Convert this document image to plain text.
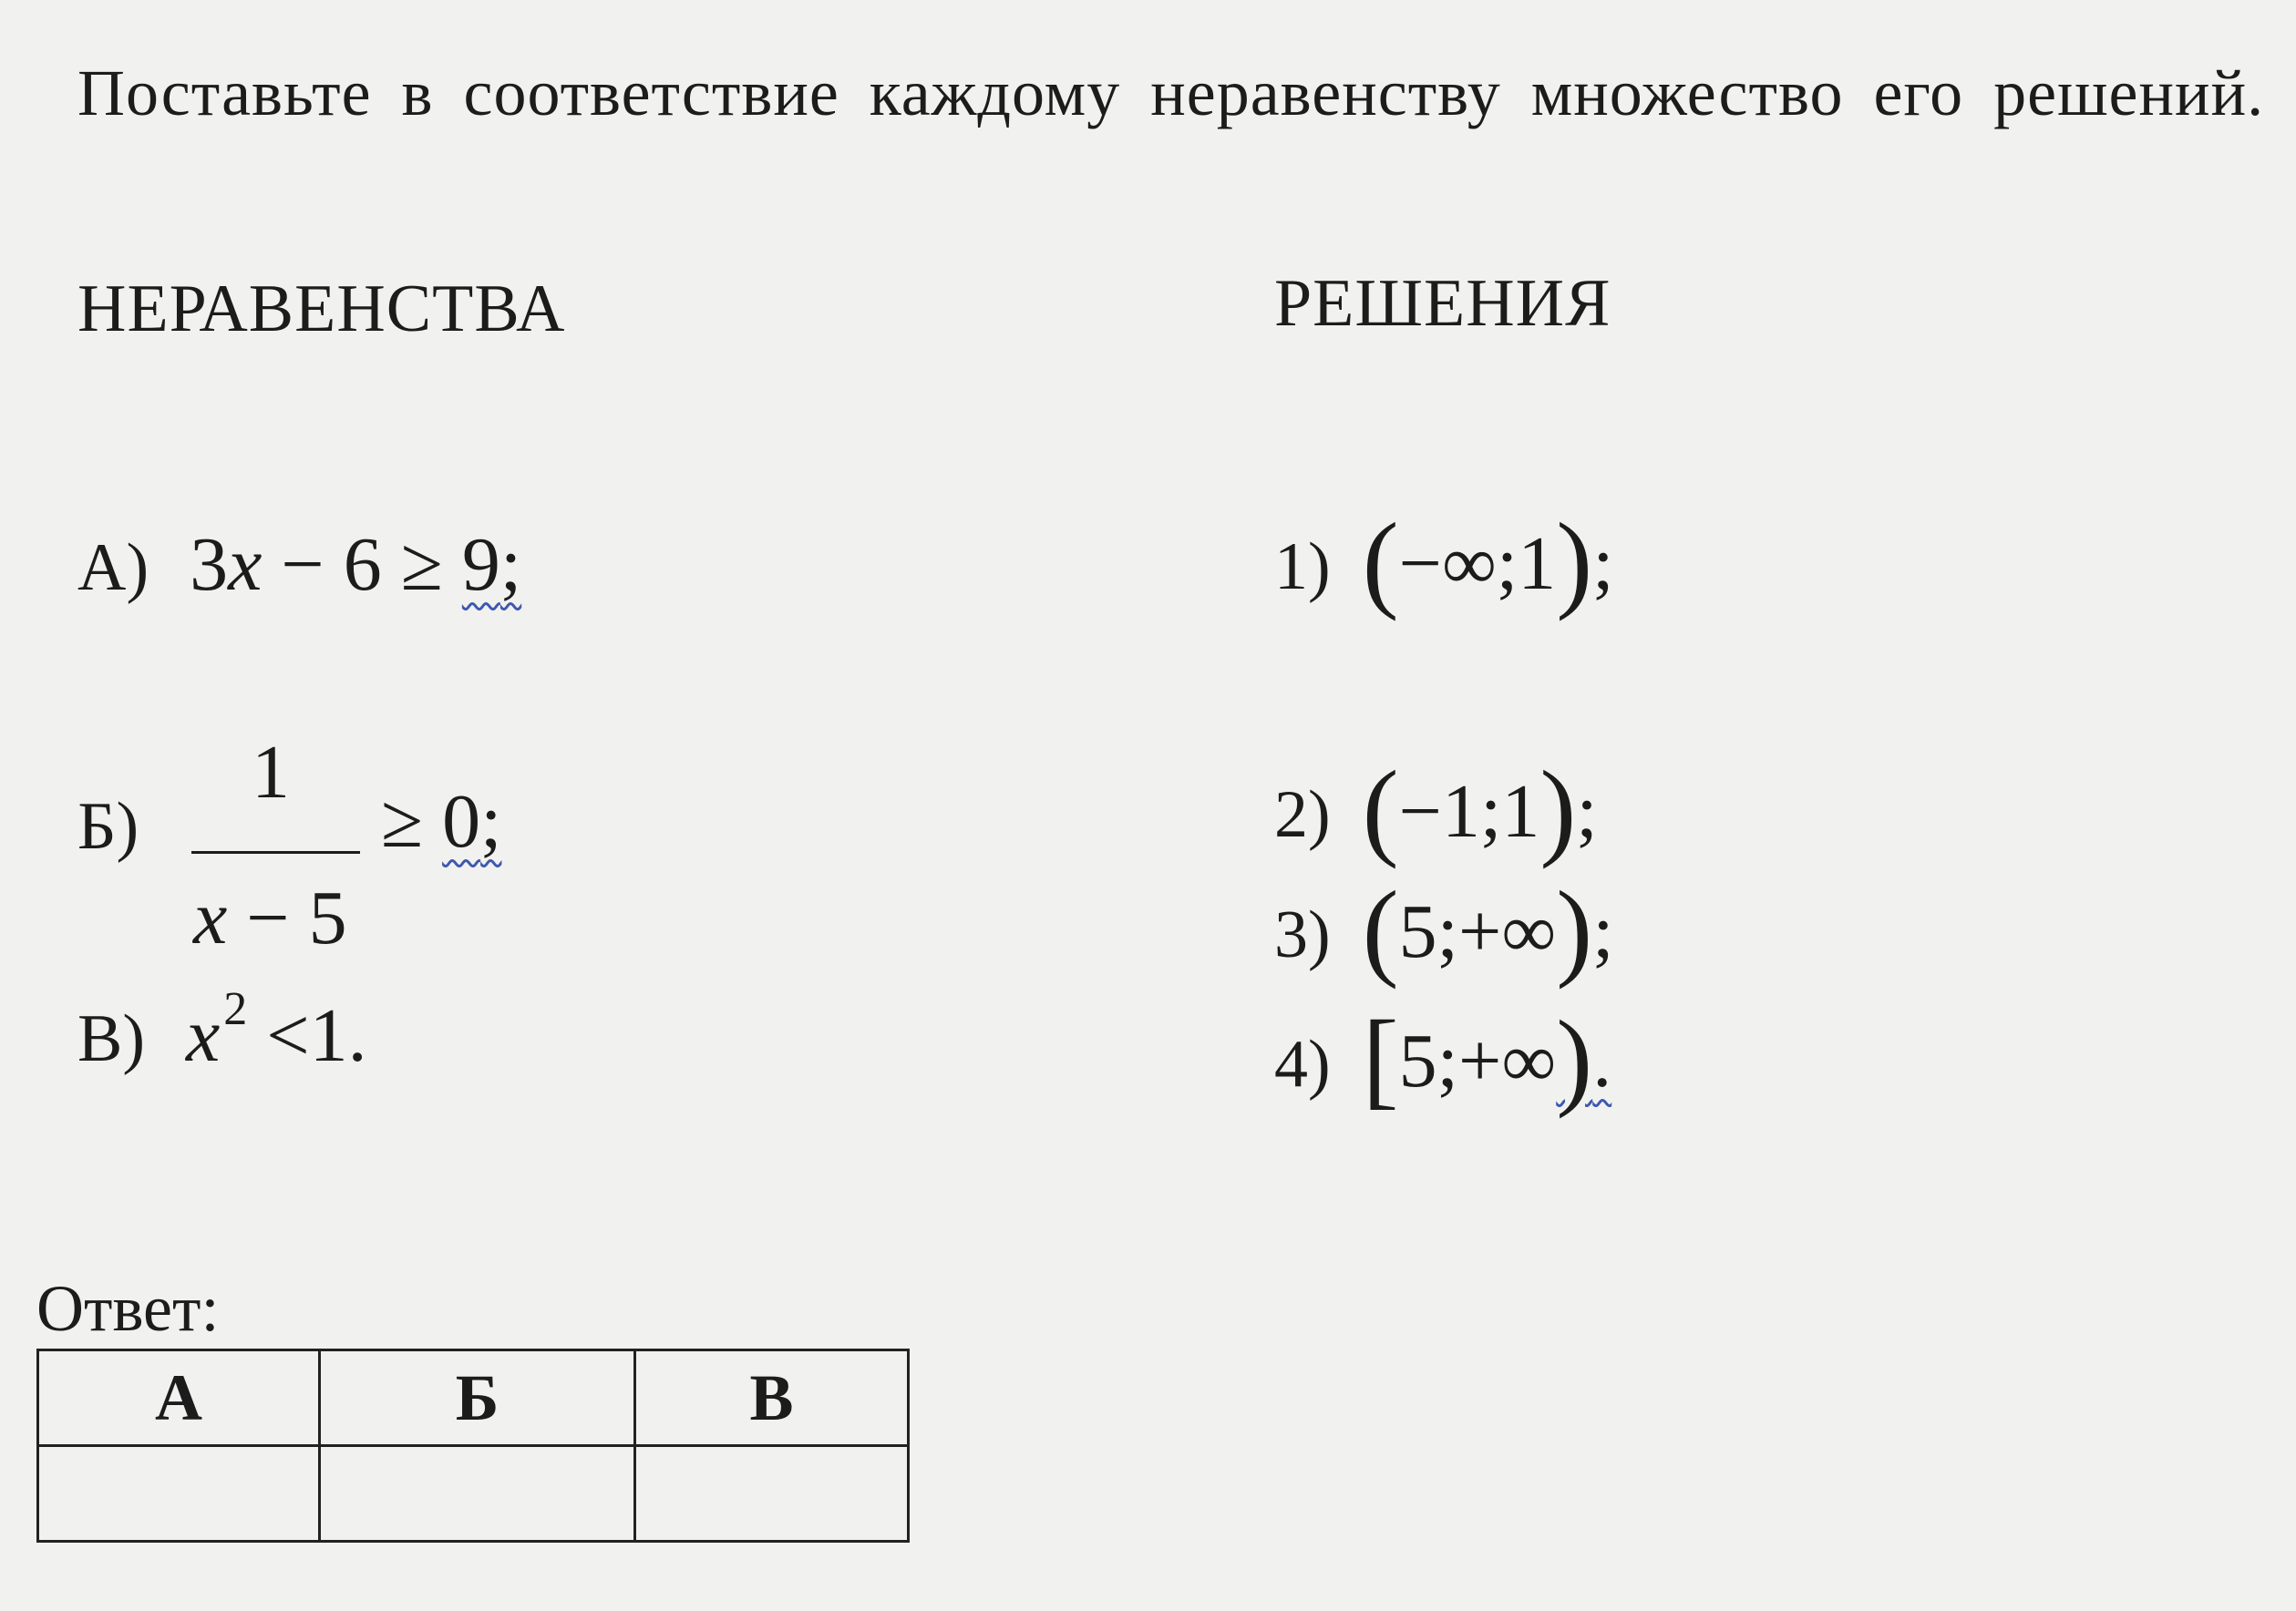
Поставьте в соответствие каждому неравенству множество его решений.
НЕРАВЕНСТВА	РЕШЕНИЯ
А) 3x − 6 ≥ 9;
Б)
1
x − 5
≥ 0;
В) $x^2 <1$.
1) (−∞;1);
2) (−1;1);
3) (5;+∞);
4) [5;+∞).
Ответ:
А	Б	В
